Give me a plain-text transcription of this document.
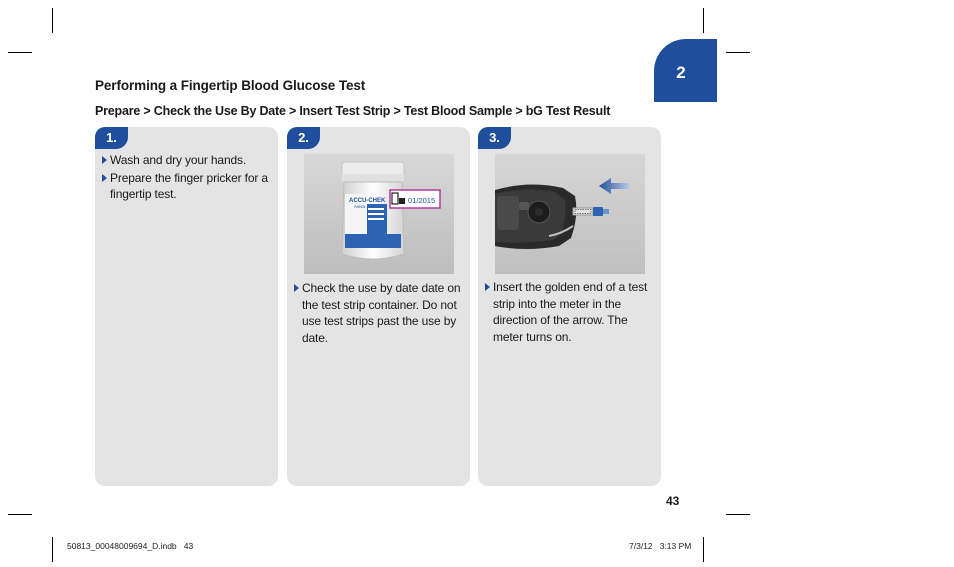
2
Performing a Fingertip Blood Glucose Test
Prepare > Check the Use By Date > Insert Test Strip > Test Blood Sample > bG Test Result
1.
Wash and dry your hands.
Prepare the finger pricker for a fingertip test.
2.
ACCU-CHEK
Aviva
01/2015
Check the use by date date on the test strip container. Do not use test strips past the use by date.
3.
Insert the golden end of a test strip into the meter in the direction of the arrow. The meter turns on.
43
50813_00048009694_D.indb   43	7/3/12   3:13 PM
